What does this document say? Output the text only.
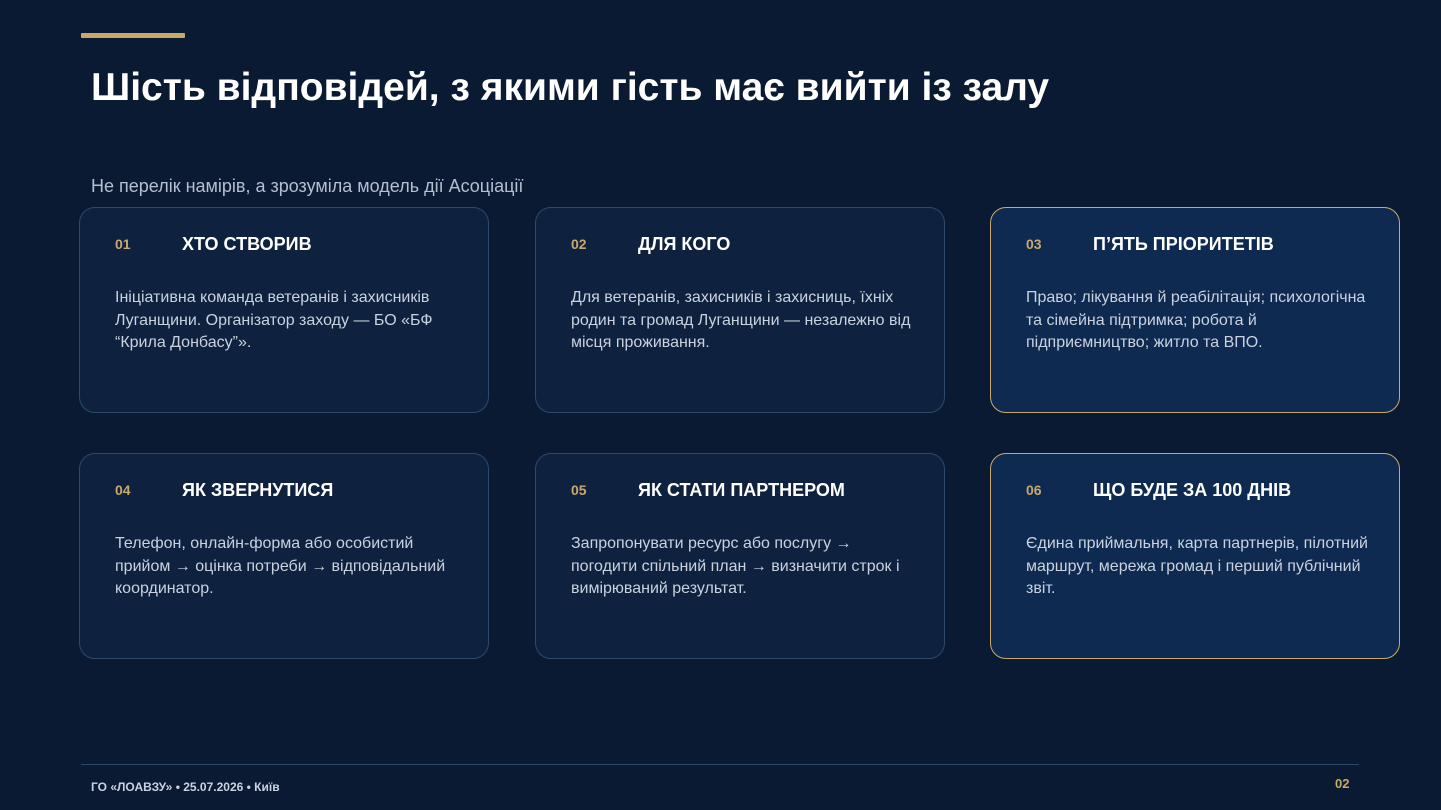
Шість відповідей, з якими гість має вийти із залу
Не перелік намірів, а зрозуміла модель дії Асоціації
01	ХТО СТВОРИВ
Ініціативна команда ветеранів і захисників Луганщини. Організатор заходу — БО «БФ “Крила Донбасу”».
02	ДЛЯ КОГО
Для ветеранів, захисників і захисниць, їхніх родин та громад Луганщини — незалежно від місця проживання.
03	П’ЯТЬ ПРІОРИТЕТІВ
Право; лікування й реабілітація; психологічна та сімейна підтримка; робота й підприємництво; житло та ВПО.
04	ЯК ЗВЕРНУТИСЯ
Телефон, онлайн-форма або особистий прийом → оцінка потреби → відповідальний координатор.
05	ЯК СТАТИ ПАРТНЕРОМ
Запропонувати ресурс або послугу → погодити спільний план → визначити строк і вимірюваний результат.
06	ЩО БУДЕ ЗА 100 ДНІВ
Єдина приймальня, карта партнерів, пілотний маршрут, мережа громад і перший публічний звіт.
ГО «ЛОАВЗУ» • 25.07.2026 • Київ	02
